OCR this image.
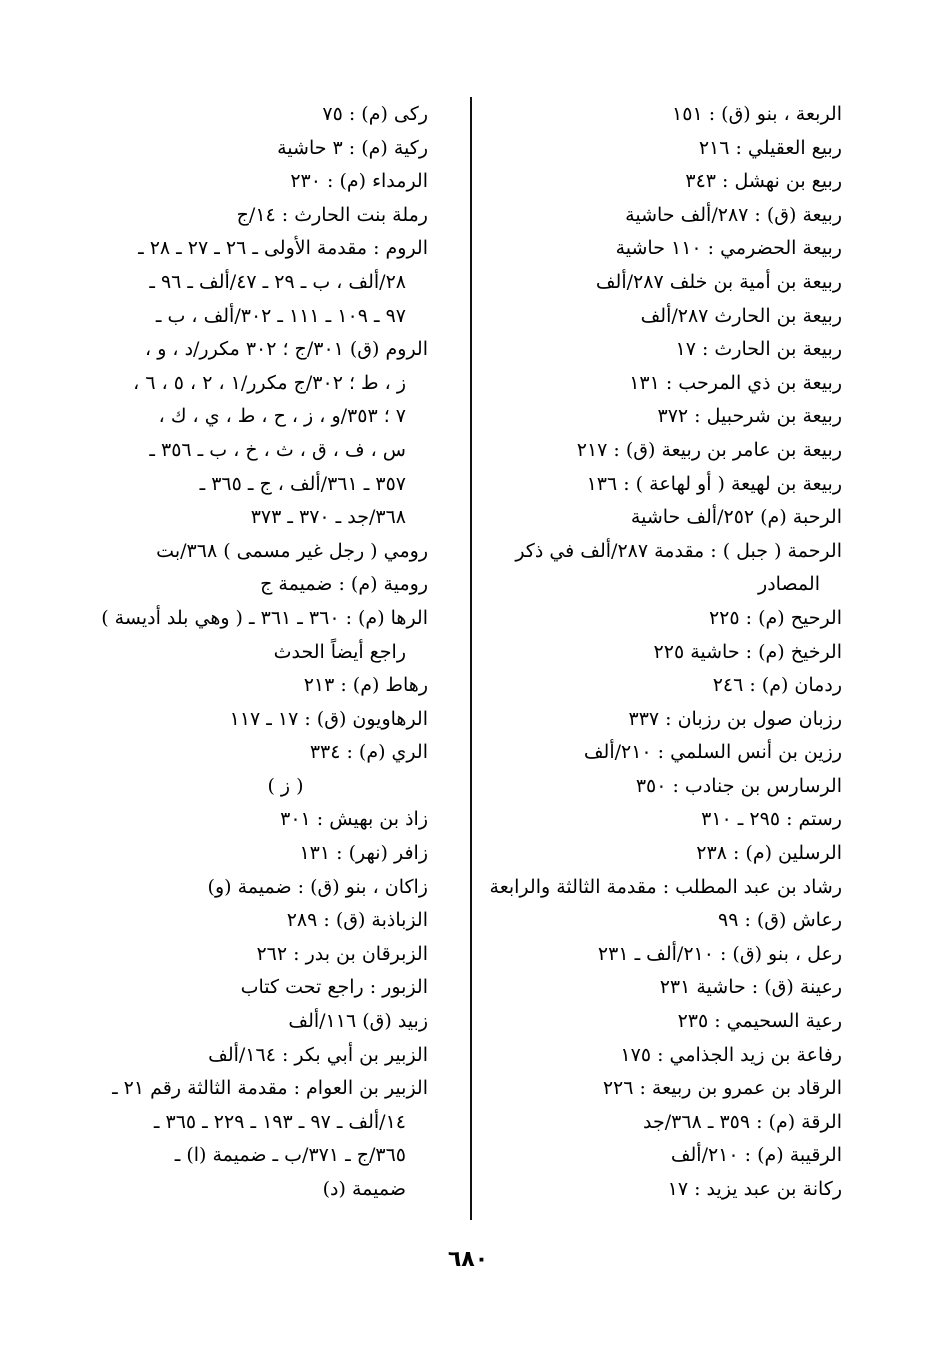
الربعة ، بنو (ق) : ١٥١
ربيع العقيلي : ٢١٦
ربيع بن نهشل : ٣٤٣
ربيعة (ق) : ٢٨٧/ألف حاشية
ربيعة الحضرمي : ١١٠ حاشية
ربيعة بن أمية بن خلف ٢٨٧/ألف
ربيعة بن الحارث ٢٨٧/ألف
ربيعة بن الحارث : ١٧
ربيعة بن ذي المرحب : ١٣١
ربيعة بن شرحبيل : ٣٧٢
ربيعة بن عامر بن ربيعة (ق) : ٢١٧
ربيعة بن لهيعة ( أو لهاعة ) : ١٣٦
الرحبة (م) ٢٥٢/ألف حاشية
الرحمة ( جبل ) : مقدمة ٢٨٧/ألف في ذكر
المصادر
الرحيح (م) : ٢٢٥
الرخيخ (م) : حاشية ٢٢٥
ردمان (م) : ٢٤٦
رزبان صول بن رزبان : ٣٣٧
رزين بن أنس السلمي : ٢١٠/ألف
الرسارس بن جنادب : ٣٥٠
رستم : ٢٩٥ ـ ٣١٠
الرسلين (م) : ٢٣٨
رشاد بن عبد المطلب : مقدمة الثالثة والرابعة
رعاش (ق) : ٩٩
رعل ، بنو (ق) : ٢١٠/ألف ـ ٢٣١
رعينة (ق) : حاشية ٢٣١
رعية السحيمي : ٢٣٥
رفاعة بن زيد الجذامي : ١٧٥
الرقاد بن عمرو بن ربيعة : ٢٢٦
الرقة (م) : ٣٥٩ ـ ٣٦٨/جد
الرقيبة (م) : ٢١٠/ألف
ركانة بن عبد يزيد : ١٧
ركى (م) : ٧٥
ركية (م) : ٣ حاشية
الرمداء (م) : ٢٣٠
رملة بنت الحارث : ١٤/ج
الروم : مقدمة الأولى ـ ٢٦ ـ ٢٧ ـ ٢٨ ـ
٢٨/ألف ، ب ـ ٢٩ ـ ٤٧/ألف ـ ٩٦ ـ
٩٧ ـ ١٠٩ ـ ١١١ ـ ٣٠٢/ألف ، ب ـ
الروم (ق) ٣٠١/ج ؛ ٣٠٢ مكرر/د ، و ،
ز ، ط ؛ ٣٠٢/ج مكرر/١ ، ٢ ، ٥ ، ٦ ،
٧ ؛ ٣٥٣/و ، ز ، ح ، ط ، ي ، ك ،
س ، ف ، ق ، ث ، خ ، ب ـ ٣٥٦ ـ
٣٥٧ ـ ٣٦١/ألف ، ج ـ ٣٦٥ ـ
٣٦٨/جد ـ ٣٧٠ ـ ٣٧٣
رومي ( رجل غير مسمى ) ٣٦٨/بت
رومية (م) : ضميمة ج
الرها (م) : ٣٦٠ ـ ٣٦١ ـ ( وهي بلد أديسة )
راجع أيضاً الحدث
رهاط (م) : ٢١٣
الرهاويون (ق) : ١٧ ـ ١١٧
الري (م) : ٣٣٤
( ز )
زاذ بن بهيش : ٣٠١
زافر (نهر) : ١٣١
زاكان ، بنو (ق) : ضميمة (و)
الزباذبة (ق) : ٢٨٩
الزبرقان بن بدر : ٢٦٢
الزبور : راجع تحت كتاب
زبيد (ق) ١١٦/ألف
الزبير بن أبي بكر : ١٦٤/ألف
الزبير بن العوام : مقدمة الثالثة رقم ٢١ ـ
١٤/ألف ـ ٩٧ ـ ١٩٣ ـ ٢٢٩ ـ ٣٦٥ ـ
٣٦٥/ج ـ ٣٧١/ب ـ ضميمة (ا) ـ
ضميمة (د)
٦٨٠
